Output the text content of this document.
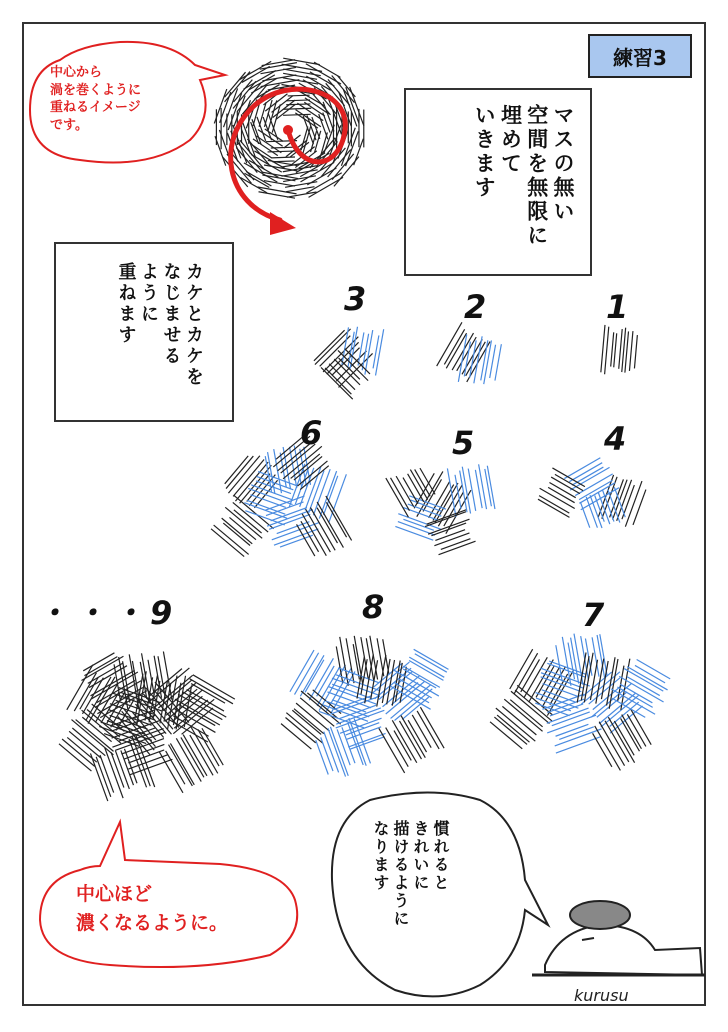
練習3
中心から
渦を巻くように
重ねるイメージ
です。	マスの無い
空間を無限に
埋めて
いきます
カケとカケを
なじませる
ように
重ねます	1
2
3
4
5
6
7
8
・・・9
中心ほど
濃くなるように。
慣れると
きれいに
描けるように
なります
kurusu
